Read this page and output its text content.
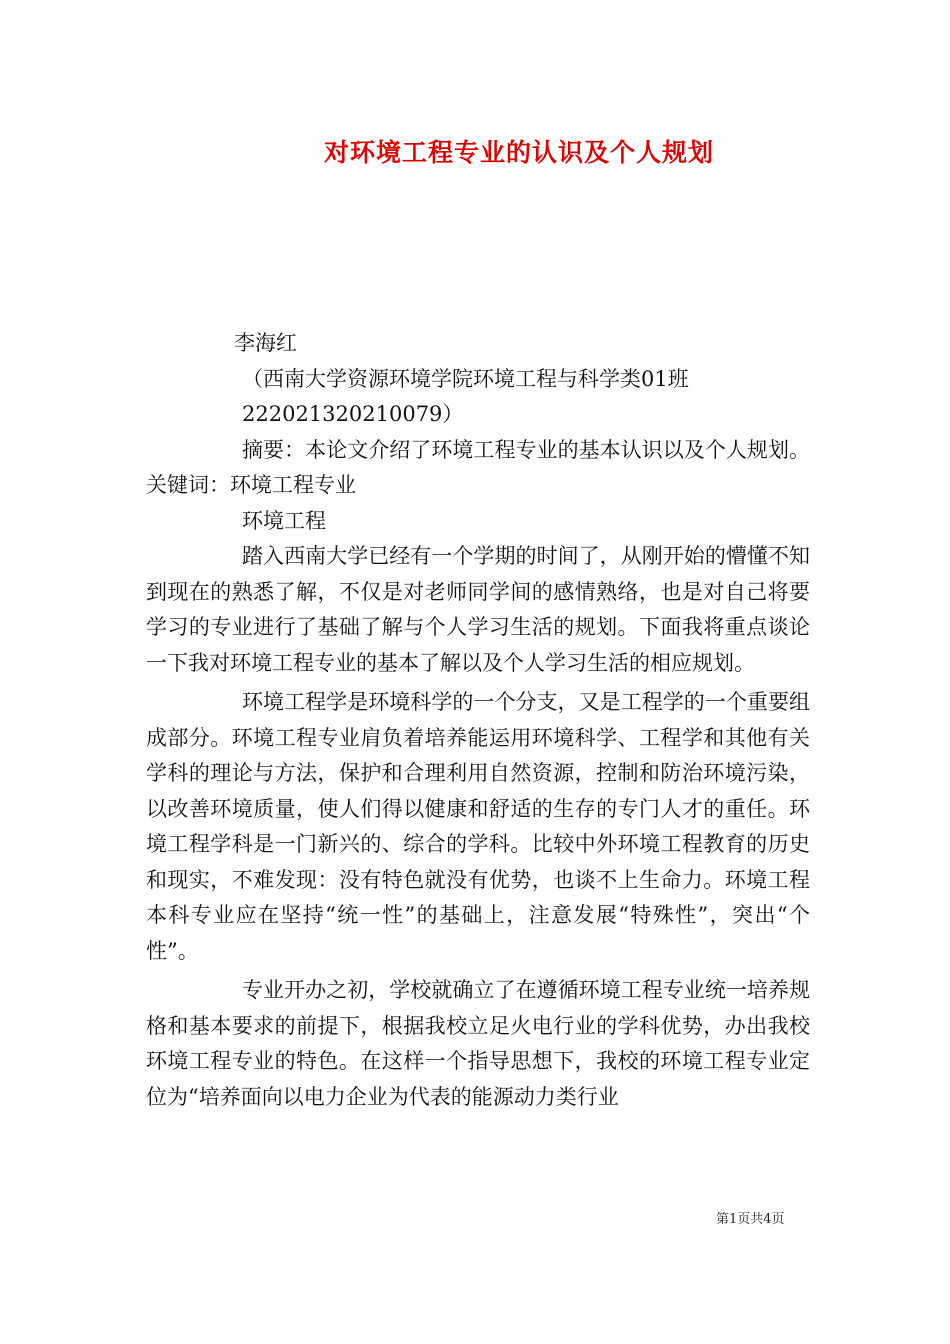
对环境工程专业的认识及个人规划

李海红

（西南大学资源环境学院环境工程与科学类01班

222021320210079）

摘要：本论文介绍了环境工程专业的基本认识以及个人规划。关键词：环境工程专业

环境工程

踏入西南大学已经有一个学期的时间了，从刚开始的懵懂不知到现在的熟悉了解，不仅是对老师同学间的感情熟络，也是对自己将要学习的专业进行了基础了解与个人学习生活的规划。下面我将重点谈论一下我对环境工程专业的基本了解以及个人学习生活的相应规划。

环境工程学是环境科学的一个分支，又是工程学的一个重要组成部分。环境工程专业肩负着培养能运用环境科学、工程学和其他有关学科的理论与方法，保护和合理利用自然资源，控制和防治环境污染，以改善环境质量，使人们得以健康和舒适的生存的专门人才的重任。环境工程学科是一门新兴的、综合的学科。比较中外环境工程教育的历史和现实，不难发现：没有特色就没有优势，也谈不上生命力。环境工程本科专业应在坚持“统一性”的基础上，注意发展“特殊性”，突出“个性”。

专业开办之初，学校就确立了在遵循环境工程专业统一培养规格和基本要求的前提下，根据我校立足火电行业的学科优势，办出我校环境工程专业的特色。在这样一个指导思想下，我校的环境工程专业定位为“培养面向以电力企业为代表的能源动力类行业

第1页共4页
